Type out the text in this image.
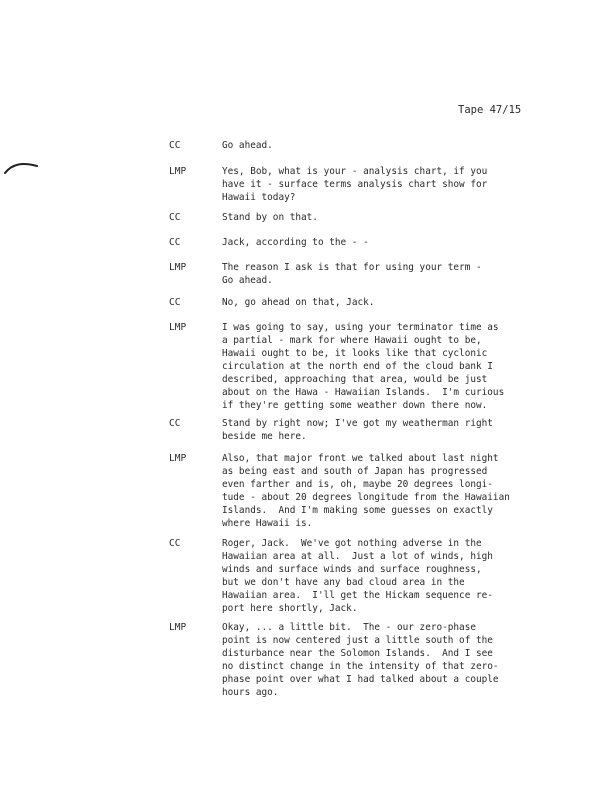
Tape 47/15
CC	Go ahead.
LMP	Yes, Bob, what is your - analysis chart, if you
have it - surface terms analysis chart show for
Hawaii today?
CC	Stand by on that.
CC	Jack, according to the - -
LMP	The reason I ask is that for using your term -
Go ahead.
CC	No, go ahead on that, Jack.
LMP	I was going to say, using your terminator time as
a partial - mark for where Hawaii ought to be,
Hawaii ought to be, it looks like that cyclonic
circulation at the north end of the cloud bank I
described, approaching that area, would be just
about on the Hawa - Hawaiian Islands.  I'm curious
if they're getting some weather down there now.
CC	Stand by right now; I've got my weatherman right
beside me here.
LMP	Also, that major front we talked about last night
as being east and south of Japan has progressed
even farther and is, oh, maybe 20 degrees longi-
tude - about 20 degrees longitude from the Hawaiian
Islands.  And I'm making some guesses on exactly
where Hawaii is.
CC	Roger, Jack.  We've got nothing adverse in the
Hawaiian area at all.  Just a lot of winds, high
winds and surface winds and surface roughness,
but we don't have any bad cloud area in the
Hawaiian area.  I'll get the Hickam sequence re-
port here shortly, Jack.
LMP	Okay, ... a little bit.  The - our zero-phase
point is now centered just a little south of the
disturbance near the Solomon Islands.  And I see
no distinct change in the intensity of that zero-
phase point over what I had talked about a couple
hours ago.
